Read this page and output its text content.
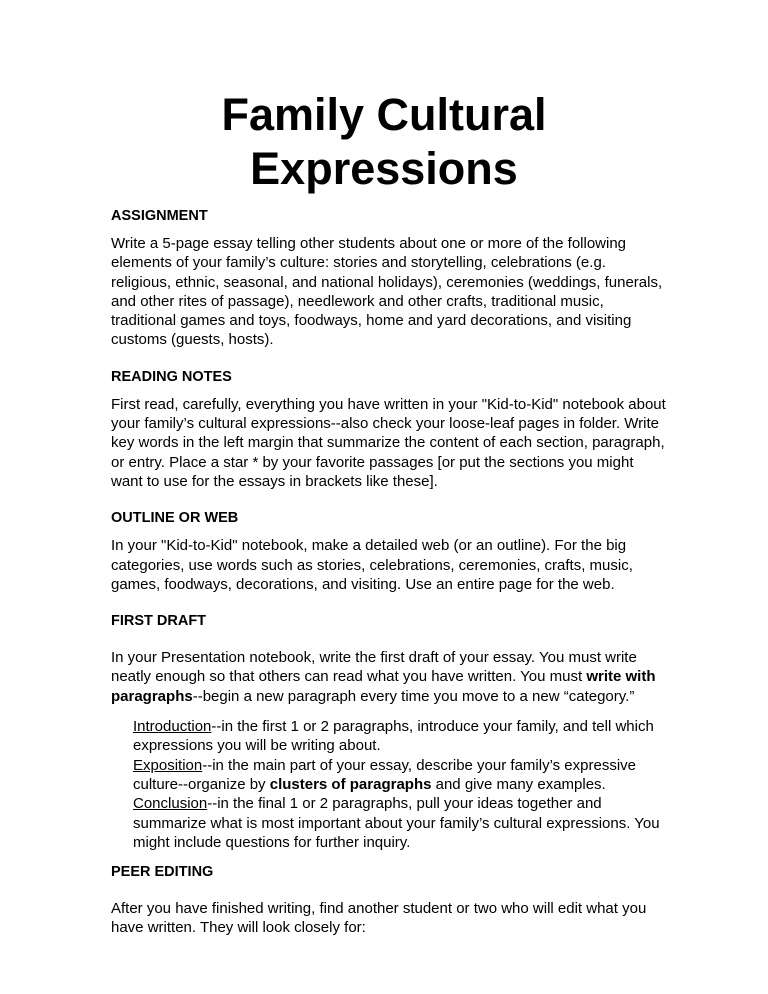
Family Cultural
Expressions
ASSIGNMENT
Write a 5-page essay telling other students about one or more of the following elements of your family’s culture: stories and storytelling, celebrations (e.g. religious, ethnic, seasonal, and national holidays), ceremonies (weddings, funerals, and other rites of passage), needlework and other crafts, traditional music, traditional games and toys, foodways, home and yard decorations, and visiting customs (guests, hosts).
READING NOTES
First read, carefully, everything you have written in your "Kid-to-Kid" notebook about your family’s cultural expressions--also check your loose-leaf pages in folder. Write key words in the left margin that summarize the content of each section, paragraph, or entry. Place a star * by your favorite passages [or put the sections you might want to use for the essays in brackets like these].
OUTLINE OR WEB
In your "Kid-to-Kid" notebook, make a detailed web (or an outline). For the big categories, use words such as stories, celebrations, ceremonies, crafts, music, games, foodways, decorations, and visiting. Use an entire page for the web.
FIRST DRAFT
In your Presentation notebook, write the first draft of your essay. You must write neatly enough so that others can read what you have written. You must write with paragraphs--begin a new paragraph every time you move to a new “category.”

Introduction--in the first 1 or 2 paragraphs, introduce your family, and tell which expressions you will be writing about.

Exposition--in the main part of your essay, describe your family’s expressive culture--organize by clusters of paragraphs and give many examples.

Conclusion--in the final 1 or 2 paragraphs, pull your ideas together and summarize what is most important about your family’s cultural expressions. You might include questions for further inquiry.

PEER EDITING
After you have finished writing, find another student or two who will edit what you have written. They will look closely for:
